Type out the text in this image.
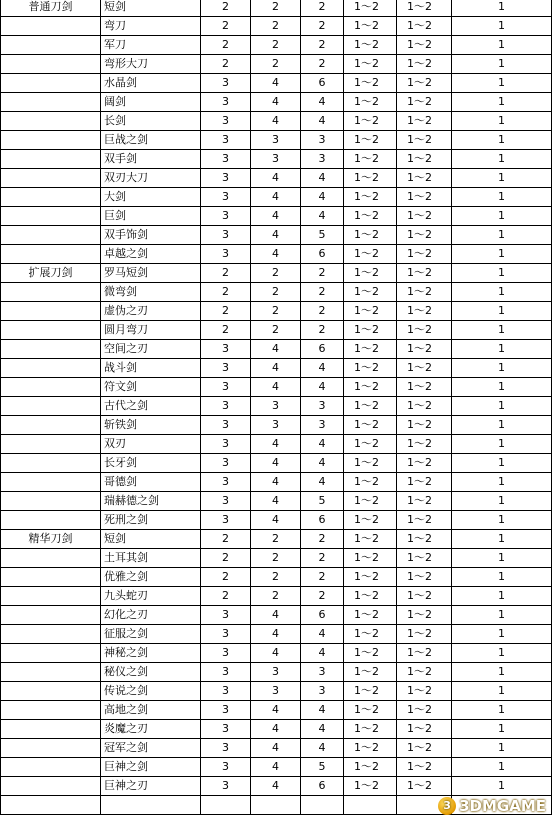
普通刀剑	短剑	2	2	2	1～2	1～2	1
	弯刀	2	2	2	1～2	1～2	1
	军刀	2	2	2	1～2	1～2	1
	弯形大刀	2	2	2	1～2	1～2	1
	水晶剑	3	4	6	1～2	1～2	1
	阔剑	3	4	4	1～2	1～2	1
	长剑	3	4	4	1～2	1～2	1
	巨战之剑	3	3	3	1～2	1～2	1
	双手剑	3	3	3	1～2	1～2	1
	双刃大刀	3	4	4	1～2	1～2	1
	大剑	3	4	4	1～2	1～2	1
	巨剑	3	4	4	1～2	1～2	1
	双手饰剑	3	4	5	1～2	1～2	1
	卓越之剑	3	4	6	1～2	1～2	1
扩展刀剑	罗马短剑	2	2	2	1～2	1～2	1
	微弯剑	2	2	2	1～2	1～2	1
	虚伪之刃	2	2	2	1～2	1～2	1
	圆月弯刀	2	2	2	1～2	1～2	1
	空间之刃	3	4	6	1～2	1～2	1
	战斗剑	3	4	4	1～2	1～2	1
	符文剑	3	4	4	1～2	1～2	1
	古代之剑	3	3	3	1～2	1～2	1
	斩铁剑	3	3	3	1～2	1～2	1
	双刃	3	4	4	1～2	1～2	1
	长牙剑	3	4	4	1～2	1～2	1
	哥德剑	3	4	4	1～2	1～2	1
	瑞赫德之剑	3	4	5	1～2	1～2	1
	死刑之剑	3	4	6	1～2	1～2	1
精华刀剑	短剑	2	2	2	1～2	1～2	1
	土耳其剑	2	2	2	1～2	1～2	1
	优雅之剑	2	2	2	1～2	1～2	1
	九头蛇刃	2	2	2	1～2	1～2	1
	幻化之刃	3	4	6	1～2	1～2	1
	征服之剑	3	4	4	1～2	1～2	1
	神秘之剑	3	4	4	1～2	1～2	1
	秘仪之剑	3	3	3	1～2	1～2	1
	传说之剑	3	3	3	1～2	1～2	1
	高地之剑	3	4	4	1～2	1～2	1
	炎魔之刃	3	4	4	1～2	1～2	1
	冠军之剑	3	4	4	1～2	1～2	1
	巨神之剑	3	4	5	1～2	1～2	1
	巨神之刃	3	4	6	1～2	1～2	1

3 3DMGAME
